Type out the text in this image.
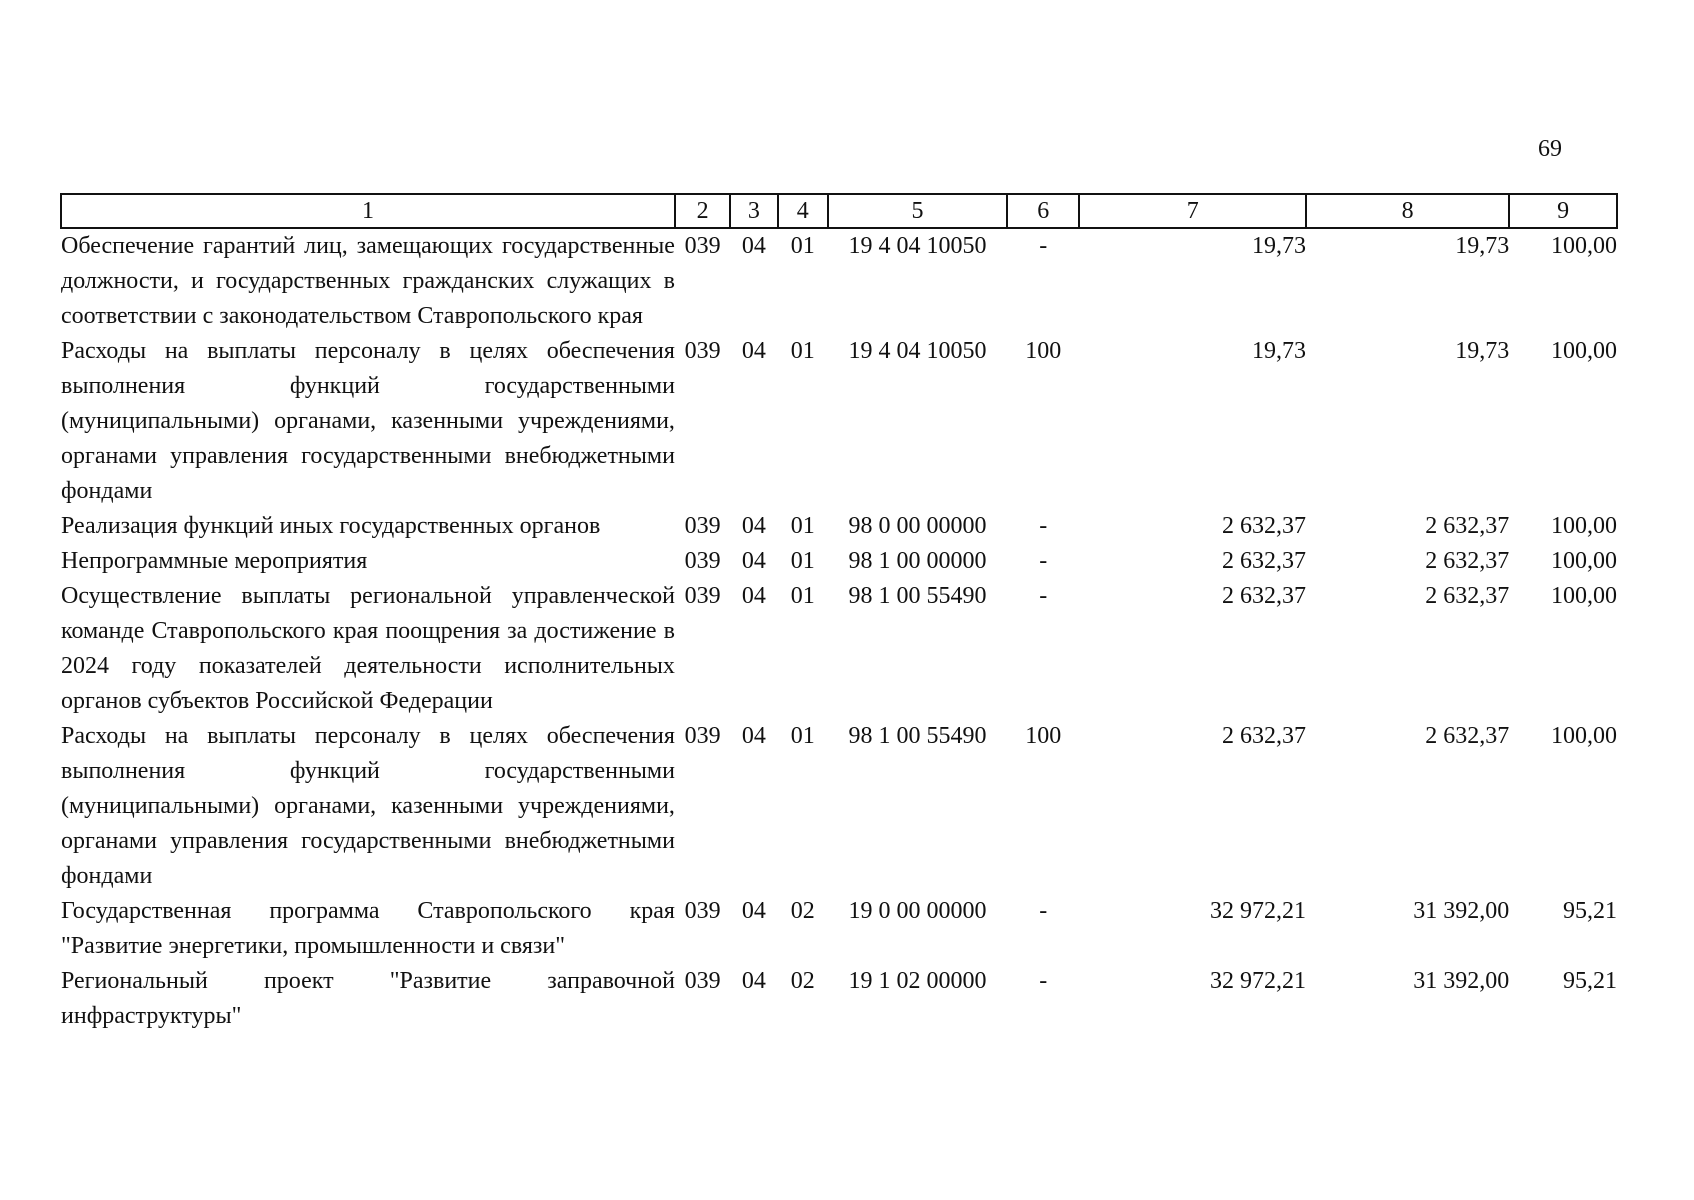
69
1	2	3	4	5	6	7	8	9
Обеспечение гарантий лиц, замещающих государственные должности, и государственных гражданских служащих в соответствии с законодательством Ставропольского края	039	04	01	19 4 04 10050	-	19,73	19,73	100,00
Расходы на выплаты персоналу в целях обеспечения выполнения функций государственными (муниципальными) органами, казенными учреждениями, органами управления государственными внебюджетными фондами	039	04	01	19 4 04 10050	100	19,73	19,73	100,00
Реализация функций иных государственных органов	039	04	01	98 0 00 00000	-	2 632,37	2 632,37	100,00
Непрограммные мероприятия	039	04	01	98 1 00 00000	-	2 632,37	2 632,37	100,00
Осуществление выплаты региональной управленческой команде Ставропольского края поощрения за достижение в 2024 году показателей деятельности исполнительных органов субъектов Российской Федерации	039	04	01	98 1 00 55490	-	2 632,37	2 632,37	100,00
Расходы на выплаты персоналу в целях обеспечения выполнения функций государственными (муниципальными) органами, казенными учреждениями, органами управления государственными внебюджетными фондами	039	04	01	98 1 00 55490	100	2 632,37	2 632,37	100,00
Государственная программа Ставропольского края "Развитие энергетики, промышленности и связи"	039	04	02	19 0 00 00000	-	32 972,21	31 392,00	95,21
Региональный проект "Развитие заправочной инфраструктуры"	039	04	02	19 1 02 00000	-	32 972,21	31 392,00	95,21
